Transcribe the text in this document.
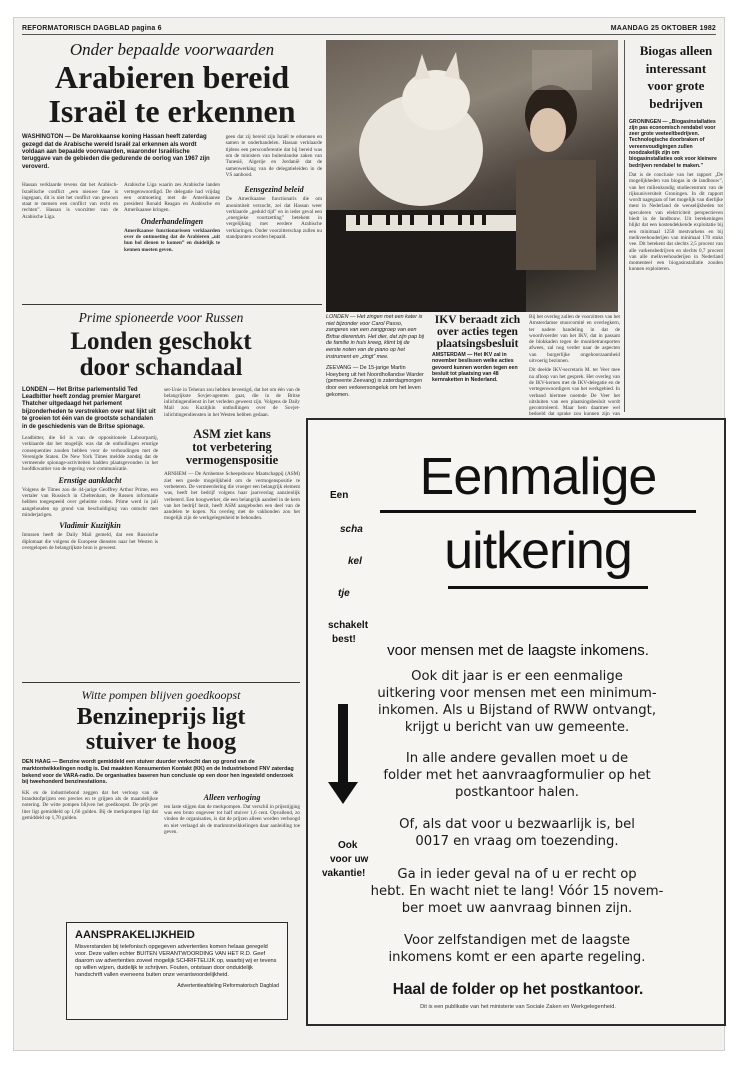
REFORMATORISCH DAGBLAD pagina 6	MAANDAG 25 OKTOBER 1982
Onder bepaalde voorwaarden
Arabieren bereid
Israël te erkennen
WASHINGTON — De Marokkaanse koning Hassan heeft zaterdag gezegd dat de Arabische wereld Israël zal erkennen als wordt voldaan aan bepaalde voorwaarden, waaronder Israëlische teruggave van de gebieden die gedurende de oorlog van 1967 zijn veroverd.
geen dat zij bereid zijn Israël te erkennen en samen te onderhandelen. Hassan verklaarde tijdens een persconferentie dat hij bereid was om de ministers van buitenlandse zaken van Tunesië, Algerije en Jordanië dat de samenwerking van de delegatieleiden in de VS aanbood.
Hassan verklaarde tevens dat het Arabisch-Israëlische conflict „een nieuwe fase is ingegaan, dit is niet het conflict van gewoon staat te mensen een conflict van recht en rechten”. Hassan is voorzitter van de Arabische Liga.
Arabische Liga waarin zes Arabische landen vertegenwoordigd. De delegatie had vrijdag een ontmoeting met de Amerikaanse president Ronald Reagan en Arabische en Amerikaanse kringen.
Onderhandelingen
Amerikaanse functionarissen verklaarden over de ontmoeting dat de Arabieren „uit hun bol dienen te komen” en duidelijk te kennen moeten geven.
Eensgezind beleid
De Amerikaanse functionaris die om anonimiteit verzocht, zei dat Hassan weer verklaarde „geduld tijd” en in ieder geval een „energieke voortzetting” betekent in vergelijking met eerdere Arabische verklaringen. Onder voorzitterschap zullen nu standpunten worden bepaald.
LONDEN — Het zingen met een kater is niet bijzonder voor Carol Passo, zangeres van een zanggroep van een Britse dierentuin. Het dier, dat zijn pap bij de familie in huis kreeg, klimt bij de eerste noten van de piano op het instrument en „zingt” mee.
ZEEVANG — De 15-jarige Martin Hoeyberg uit het Noordhollandse Warder (gemeente Zeevang) is zaterdagmorgen door een verkeersongeluk om het leven gekomen.
IKV beraadt zich
over acties tegen
plaatsingsbesluit
AMSTERDAM — Het IKV zal in november beslissen welke acties gevoerd kunnen worden tegen een besluit tot plaatsing van 48 kernraketten in Nederland.
Bij het overleg zullen de voorzitters van het Amsterdamse stuurcomité en overlegkern, ter nadere handeling in dat de woordvoerder van het IKV, dat in passant de blokkaden tegen de munitietransporten afwees, zal nog verder naar de aspecten van burgerlijke ongehoorzaamheid uitvoerig bezinnen.
Dit deelde IKV-secretaris M. ter Veer mee na afloop van het gesprek. Het overleg van de IKV-kernen met de IKV-delegatie en de vertegenwoordigers van het werkgebied. In verband hiermee noemde De Veer het uitsluiten van een plaatsingsbesluit wordt gecontroleerd. Maar hem daarmee wel bedoeld dat sprake zou kunnen zijn van
Biogas alleen
interessant
voor grote
bedrijven
GRONINGEN — „Biogasinstallaties zijn pas economisch rendabel voor zeer grote veeteeltbedrijven. Technologische doorbraken of vereenvoudigingen zullen noodzakelijk zijn om biogasinstallaties ook voor kleinere bedrijven rendabel te maken.”
Dat is de conclusie van het rapport „De mogelijkheden van biogas in de landbouw”, van het milieukundig studiecentrum van de rijksuniversiteit Groningen. In dit rapport wordt nagegaan of het mogelijk van dierlijke mest in Nederland de wenselijkheden tot speculeren van elektriciteit perspectieven biedt in de landbouw. Uit berekeningen blijkt dat een kostendekkende exploitatie bij een minimaal 1250 mestvarkens en bij melkveehouderijen van minimaal 170 stuks vee. Dit betekent dat slechts 2,5 procent van alle varkensbedrijven en slechts 0,7 procent van alle melkveehouderijen in Nederland momenteel een biogasinstallatie zouden kunnen exploiteren.
Prime spioneerde voor Russen
Londen geschokt
door schandaal
LONDEN — Het Britse parlementslid Ted Leadbitter heeft zondag premier Margaret Thatcher uitgedaagd het parlement bijzonderheden te verstrekken over wat lijkt uit te groeien tot één van de grootste schandalen in de geschiedenis van de Britse spionage.
Leadbitter, die lid is van de oppositionele Labourpartij, verklaarde dat het mogelijk was dat de onthullingen ernstige consequenties zouden hebben voor de verhoudingen met de Verenigde Staten. De New York Times meldde zondag dat de vermeende spionage-activiteiten hadden plaatsgevonden in het hoofdkwartier van de regering voor communicatie.
Ernstige aanklacht
Volgens de Times zou de 44-jarige Geoffrey Arthur Prime, een vertaler van Russisch in Cheltenham, de Russen informatie hebben toegespeeld over geheime codes. Prime werd in juli aangehouden op grond van beschuldiging van ontucht met minderjarigen.
Vladimir Kuzitjkin
Intussen heeft de Daily Mail gemeld, dat een Russische diplomaat die volgens de Europese diensten naar het Westen is overgelopen de belangrijkste bron is geweest.
set-Unie in Teheran zou hebben bevestigd, dat het om één van de belangrijkste Sovjet-agenten gaat, die in de Britse inlichtingendienst in het verleden geweest zijn. Volgens de Daily Mail zou Kuzitjkin onthullingen over de Sovjet-inlichtingendiensten in het Westen hebben gedaan.
ASM ziet kans
tot verbetering
vermogenspositie
ARNHEM — De Arnhemse Scheepsbouw Maatschappij (ASM) ziet een goede mogelijkheid om de vermogenspositie te verbeteren. De vermeerdering die vroeger een belangrijk element was, heeft het bedrijf volgens haar jaarverslag aanzienlijk verbeterd. Een hoogwerker, die een belangrijk aandeel in de kern van het bedrijf bezit, heeft ASM aangeboden een deel van de aandelen te kopen. Na overleg met de vakbonden zou het mogelijk zijn de werkgelegenheid te behouden.
Witte pompen blijven goedkoopst
Benzineprijs ligt
stuiver te hoog
DEN HAAG — Benzine wordt gemiddeld een stuiver duurder verkocht dan op grond van de marktontwikkelingen nodig is. Dat maakten Konsumenten Kontakt (KK) en de Industriebond FNV zaterdag bekend voor de VARA-radio. De organisaties baseren hun conclusie op een door hen ingesteld onderzoek bij tweehonderd benzinestations.
KK en de industriebond zeggen dat het verloop van de brandstofprijzen een precies en te grijpen als de maandelijkse notering. De witte pompen blijven het goedkoopst. De prijs per liter ligt gemiddeld op 1,66 gulden. Bij de merkpompen ligt dat gemiddeld op 1,70 gulden.
Alleen verhoging
ten laste stijgen dan de merkpompen. Dat verschil in prijsstijging was een bruto ongeveer tot half stuiver 1,6 cent. Opvallend, zo vinden de organisaties, is dat de prijzen alleen worden verhoogd en niet verlaagd als de marktontwikkelingen daar aanleiding toe geven.
AANSPRAKELIJKHEID
Misverstanden bij telefonisch opgegeven advertenties komen helaas geregeld voor. Deze vallen echter BUITEN VERANTWOORDING VAN HET R.D. Geef daarom uw advertenties zoveel mogelijk SCHRIFTELIJK op, waarbij wij er tevens op willen wijzen, duidelijk te schrijven. Fouten, ontstaan door onduidelijk handschrift vallen eveneens buiten onze verantwoordelijkheid.
Advertentieafdeling Reformatorisch Dagblad
Een
scha
kel
tje
schakelt
best!
Ook
voor uw
vakantie!
Eenmalige
uitkering
voor mensen met de laagste inkomens.
Ook dit jaar is er een eenmalige
uitkering voor mensen met een minimum-
inkomen. Als u Bijstand of RWW ontvangt,
krijgt u bericht van uw gemeente.
In alle andere gevallen moet u de
folder met het aanvraagformulier op het
postkantoor halen.
Of, als dat voor u bezwaarlijk is, bel
0017 en vraag om toezending.
Ga in ieder geval na of u er recht op
hebt. En wacht niet te lang! Vóór 15 novem-
ber moet uw aanvraag binnen zijn.
Voor zelfstandigen met de laagste
inkomens komt er een aparte regeling.
Haal de folder op het postkantoor.
Dit is een publikatie van het ministerie van Sociale Zaken en Werkgelegenheid.
